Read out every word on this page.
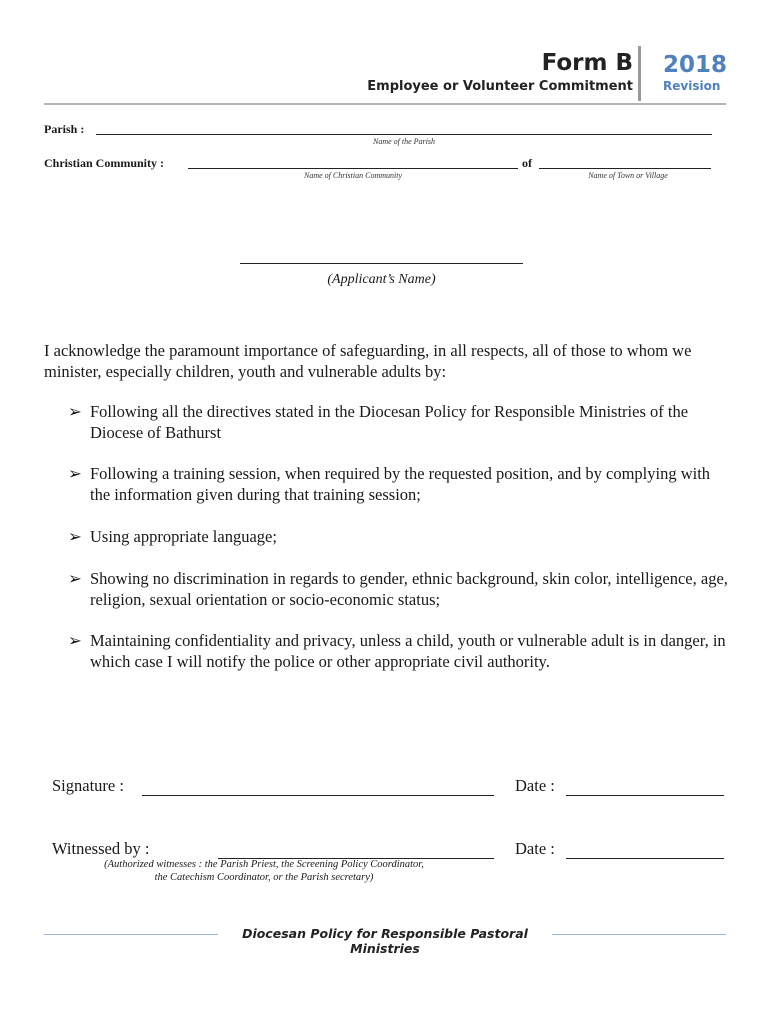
Form B
Employee or Volunteer Commitment
2018
Revision
Parish :
Name of the Parish
Christian Community :
Name of Christian Community
of
Name of Town or Village
(Applicant’s Name)
I acknowledge the paramount importance of safeguarding, in all respects, all of those to whom we minister, especially children, youth and vulnerable adults by:
➢ Following all the directives stated in the Diocesan Policy for Responsible Ministries of the Diocese of Bathurst
➢ Following a training session, when required by the requested position, and by complying with the information given during that training session;
➢ Using appropriate language;
➢ Showing no discrimination in regards to gender, ethnic background, skin color, intelligence, age, religion, sexual orientation or socio-economic status;
➢ Maintaining confidentiality and privacy, unless a child, youth or vulnerable adult is in danger, in which case I will notify the police or other appropriate civil authority.
Signature :	Date :
Witnessed by :	Date :
(Authorized witnesses : the Parish Priest, the Screening Policy Coordinator,
the Catechism Coordinator, or the Parish secretary)
Diocesan Policy for Responsible Pastoral Ministries
